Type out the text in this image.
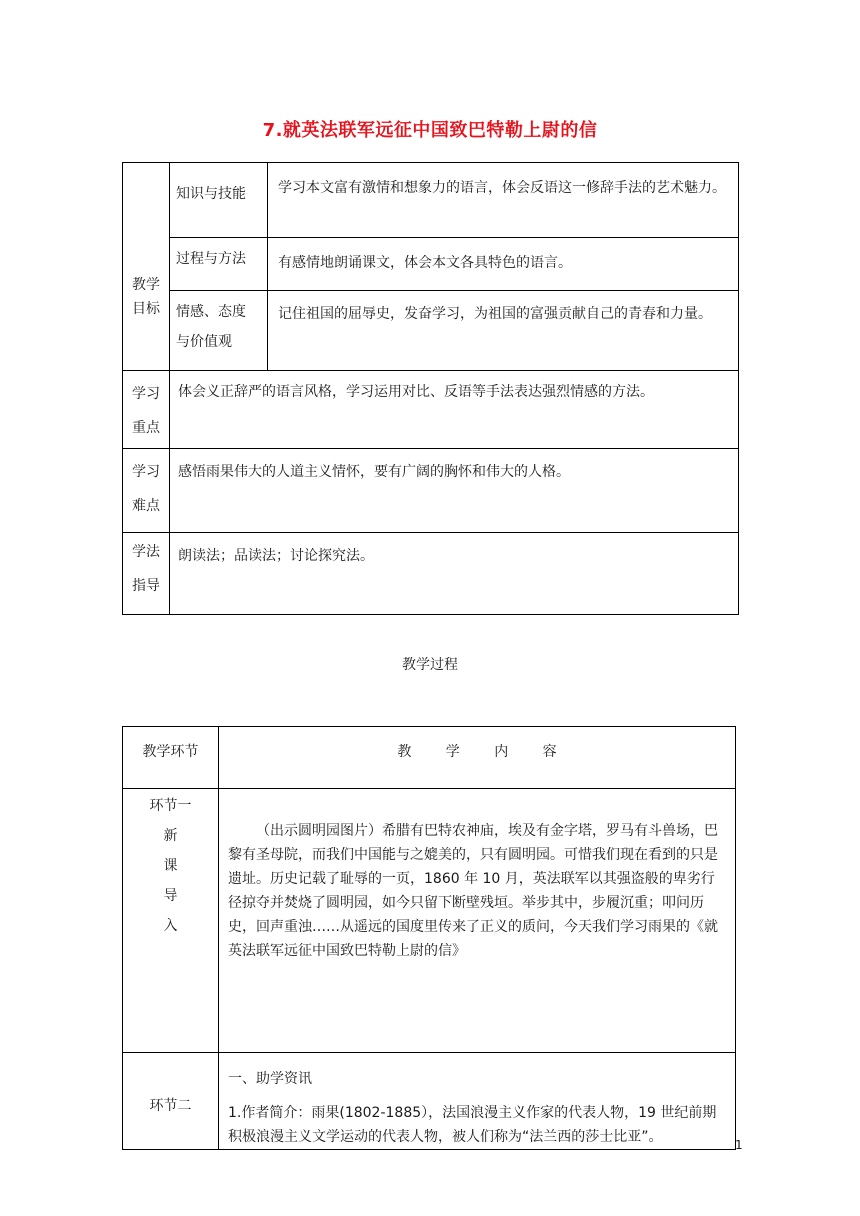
7.就英法联军远征中国致巴特勒上尉的信
教学
目标	知识与技能	学习本文富有激情和想象力的语言，体会反语这一修辞手法的艺术魅力。
	过程与方法	有感情地朗诵课文，体会本文各具特色的语言。
	情感、态度
与价值观	记住祖国的屈辱史，发奋学习，为祖国的富强贡献自己的青春和力量。
学习
重点	体会义正辞严的语言风格，学习运用对比、反语等手法表达强烈情感的方法。	
学习
难点	感悟雨果伟大的人道主义情怀，要有广阔的胸怀和伟大的人格。	
学法
指导	朗读法；品读法；讨论探究法。	
教学过程
教学环节	教 学 内 容
环节一
新
课
导
入	（出示圆明园图片）希腊有巴特农神庙，埃及有金字塔，罗马有斗兽场，巴黎有圣母院，而我们中国能与之媲美的，只有圆明园。可惜我们现在看到的只是遗址。历史记载了耻辱的一页，1860 年 10 月，英法联军以其强盗般的卑劣行径掠夺并焚烧了圆明园，如今只留下断壁残垣。举步其中，步履沉重；叩问历史，回声重浊……从遥远的国度里传来了正义的质问，今天我们学习雨果的《就英法联军远征中国致巴特勒上尉的信》
环节二	一、助学资讯
1.作者简介：雨果(1802-1885），法国浪漫主义作家的代表人物，19 世纪前期积极浪漫主义文学运动的代表人物，被人们称为“法兰西的莎士比亚”。	1
